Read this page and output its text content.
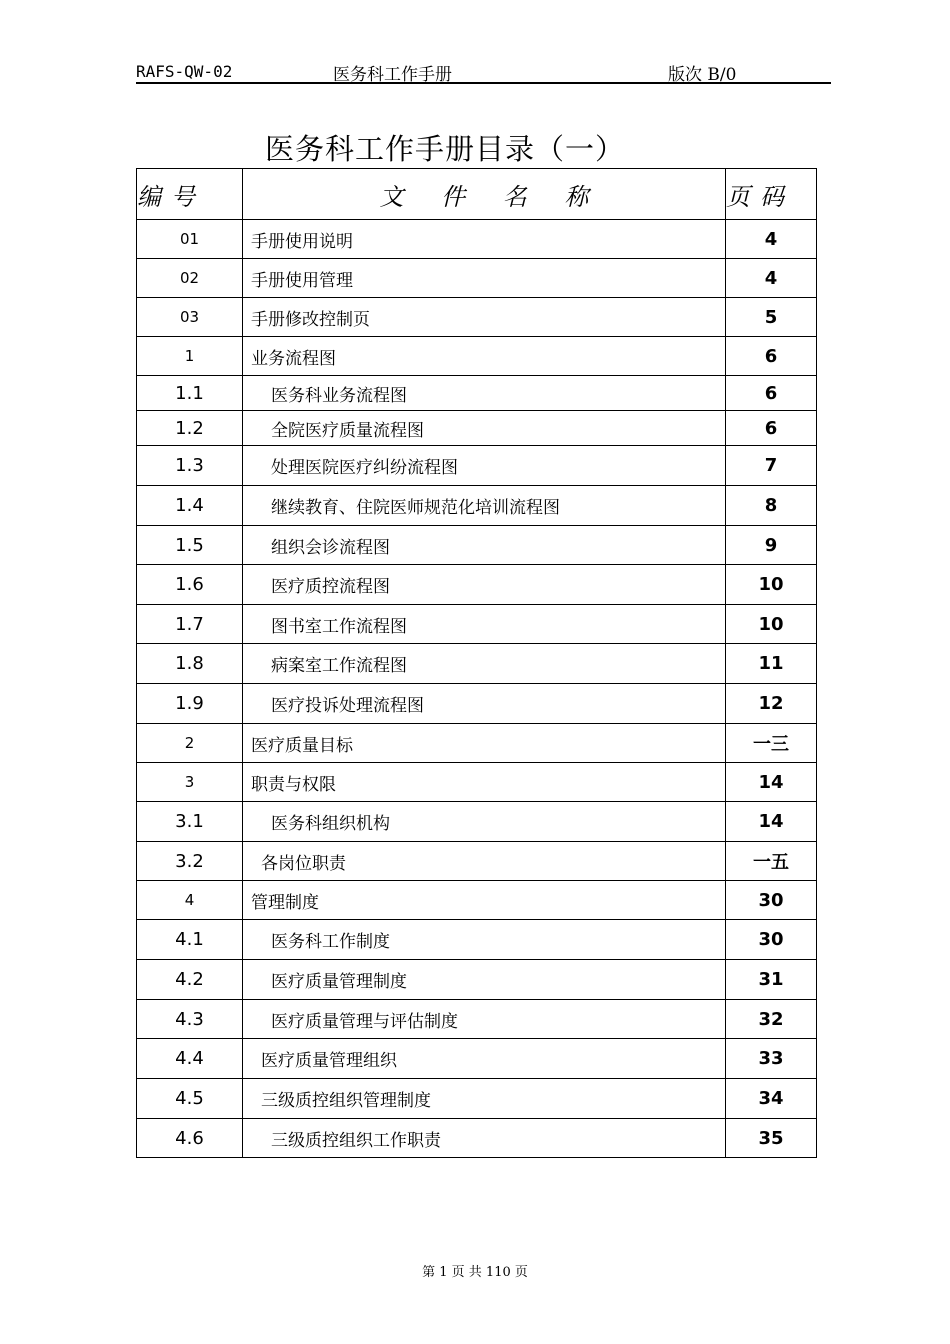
RAFS-QW-02	医务科工作手册	版次 B/0
医务科工作手册目录（一）
编号	文 件 名 称	页码
01	手册使用说明	4
02	手册使用管理	4
03	手册修改控制页	5
1	业务流程图	6
1.1	医务科业务流程图	6
1.2	全院医疗质量流程图	6
1.3	处理医院医疗纠纷流程图	7
1.4	继续教育、住院医师规范化培训流程图	8
1.5	组织会诊流程图	9
1.6	医疗质控流程图	10
1.7	图书室工作流程图	10
1.8	病案室工作流程图	11
1.9	医疗投诉处理流程图	12
2	医疗质量目标	一三
3	职责与权限	14
3.1	医务科组织机构	14
3.2	各岗位职责	一五
4	管理制度	30
4.1	医务科工作制度	30
4.2	医疗质量管理制度	31
4.3	医疗质量管理与评估制度	32
4.4	医疗质量管理组织	33
4.5	三级质控组织管理制度	34
4.6	三级质控组织工作职责	35
第 1 页 共 110 页
